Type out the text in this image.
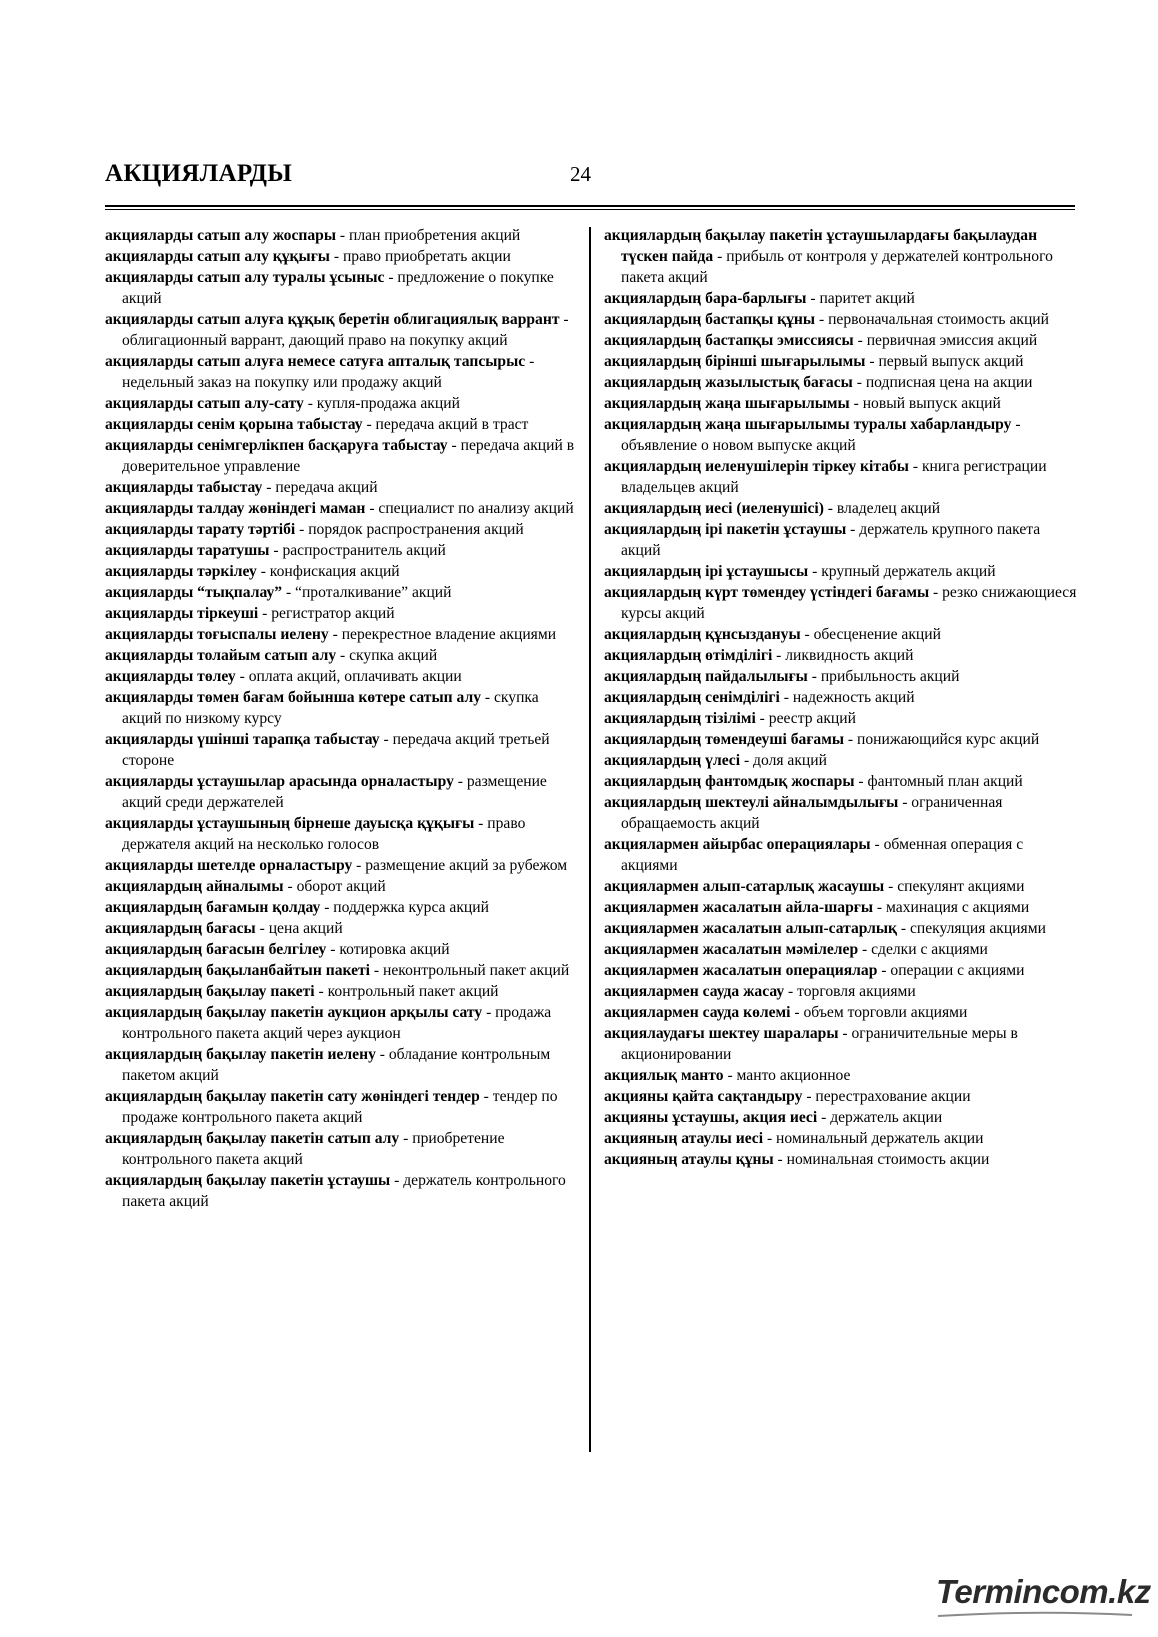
АКЦИЯЛАРДЫ	24

акцияларды сатып алу жоспары - план приобретения акций

акцияларды сатып алу құқығы - право приобретать акции

акцияларды сатып алу туралы ұсыныс - предложение о покупке акций

акцияларды сатып алуға құқық беретін облигациялық варрант - облигационный варрант, дающий право на покупку акций

акцияларды сатып алуға немесе сатуға апталық тапсырыс - недельный заказ на покупку или продажу акций

акцияларды сатып алу-сату - купля-продажа акций

акцияларды сенім қорына табыстау - передача акций в траст

акцияларды сенімгерлікпен басқаруға табыстау - передача акций в доверительное управление

акцияларды табыстау - передача акций

акцияларды талдау жөніндегі маман - специалист по анализу акций

акцияларды тарату тәртібі - порядок распространения акций

акцияларды таратушы - распространитель акций

акцияларды тәркілеу - конфискация акций

акцияларды “тықпалау” - “проталкивание” акций

акцияларды тіркеуші - регистратор акций

акцияларды тоғыспалы иелену - перекрестное владение акциями

акцияларды толайым сатып алу - скупка акций

акцияларды төлеу - оплата акций, оплачивать акции

акцияларды төмен бағам бойынша көтере сатып алу - скупка акций по низкому курсу

акцияларды үшінші тарапқа табыстау - передача акций третьей стороне

акцияларды ұстаушылар арасында орналастыру - размещение акций среди держателей

акцияларды ұстаушының бірнеше дауысқа құқығы - право держателя акций на несколько голосов

акцияларды шетелде орналастыру - размещение акций за рубежом

акциялардың айналымы - оборот акций

акциялардың бағамын қолдау - поддержка курса акций

акциялардың бағасы - цена акций

акциялардың бағасын белгілеу - котировка акций

акциялардың бақыланбайтын пакеті - неконтрольный пакет акций

акциялардың бақылау пакеті - контрольный пакет акций

акциялардың бақылау пакетін аукцион арқылы сату - продажа контрольного пакета акций через аукцион

акциялардың бақылау пакетін иелену - обладание контрольным пакетом акций

акциялардың бақылау пакетін сату жөніндегі тендер - тендер по продаже контрольного пакета акций

акциялардың бақылау пакетін сатып алу - приобретение контрольного пакета акций

акциялардың бақылау пакетін ұстаушы - держатель контрольного пакета акций

акциялардың бақылау пакетін ұстаушылардағы бақылаудан түскен пайда - прибыль от контроля у держателей контрольного пакета акций

акциялардың бара-барлығы - паритет акций

акциялардың бастапқы құны - первоначальная стоимость акций

акциялардың бастапқы эмиссиясы - первичная эмиссия акций

акциялардың бірінші шығарылымы - первый выпуск акций

акциялардың жазылыстық бағасы - подписная цена на акции

акциялардың жаңа шығарылымы - новый выпуск акций

акциялардың жаңа шығарылымы туралы хабарландыру - объявление о новом выпуске акций

акциялардың иеленушілерін тіркеу кітабы - книга регистрации владельцев акций

акциялардың иесі (иеленушісі) - владелец акций

акциялардың ірі пакетін ұстаушы - держатель крупного пакета акций

акциялардың ірі ұстаушысы - крупный держатель акций

акциялардың күрт төмендеу үстіндегі бағамы - резко снижающиеся курсы акций

акциялардың құнсыздануы - обесценение акций

акциялардың өтімділігі - ликвидность акций

акциялардың пайдалылығы - прибыльность акций

акциялардың сенімділігі - надежность акций

акциялардың тізілімі - реестр акций

акциялардың төмендеуші бағамы - понижающийся курс акций

акциялардың үлесі - доля акций

акциялардың фантомдық жоспары - фантомный план акций

акциялардың шектеулі айналымдылығы - ограниченная обращаемость акций

акциялармен айырбас операциялары - обменная операция с акциями

акциялармен алып-сатарлық жасаушы - спекулянт акциями

акциялармен жасалатын айла-шарғы - махинация с акциями

акциялармен жасалатын алып-сатарлық - спекуляция акциями

акциялармен жасалатын мәмілелер - сделки с акциями

акциялармен жасалатын операциялар - операции с акциями

акциялармен сауда жасау - торговля акциями

акциялармен сауда көлемі - объем торговли акциями

акциялаудағы шектеу шаралары - ограничительные меры в акционировании

акциялық манто - манто акционное

акцияны қайта сақтандыру - перестрахование акции

акцияны ұстаушы, акция иесі - держатель акции

акцияның атаулы иесі - номинальный держатель акции

акцияның атаулы құны - номинальная стоимость акции

Termincom.kz
